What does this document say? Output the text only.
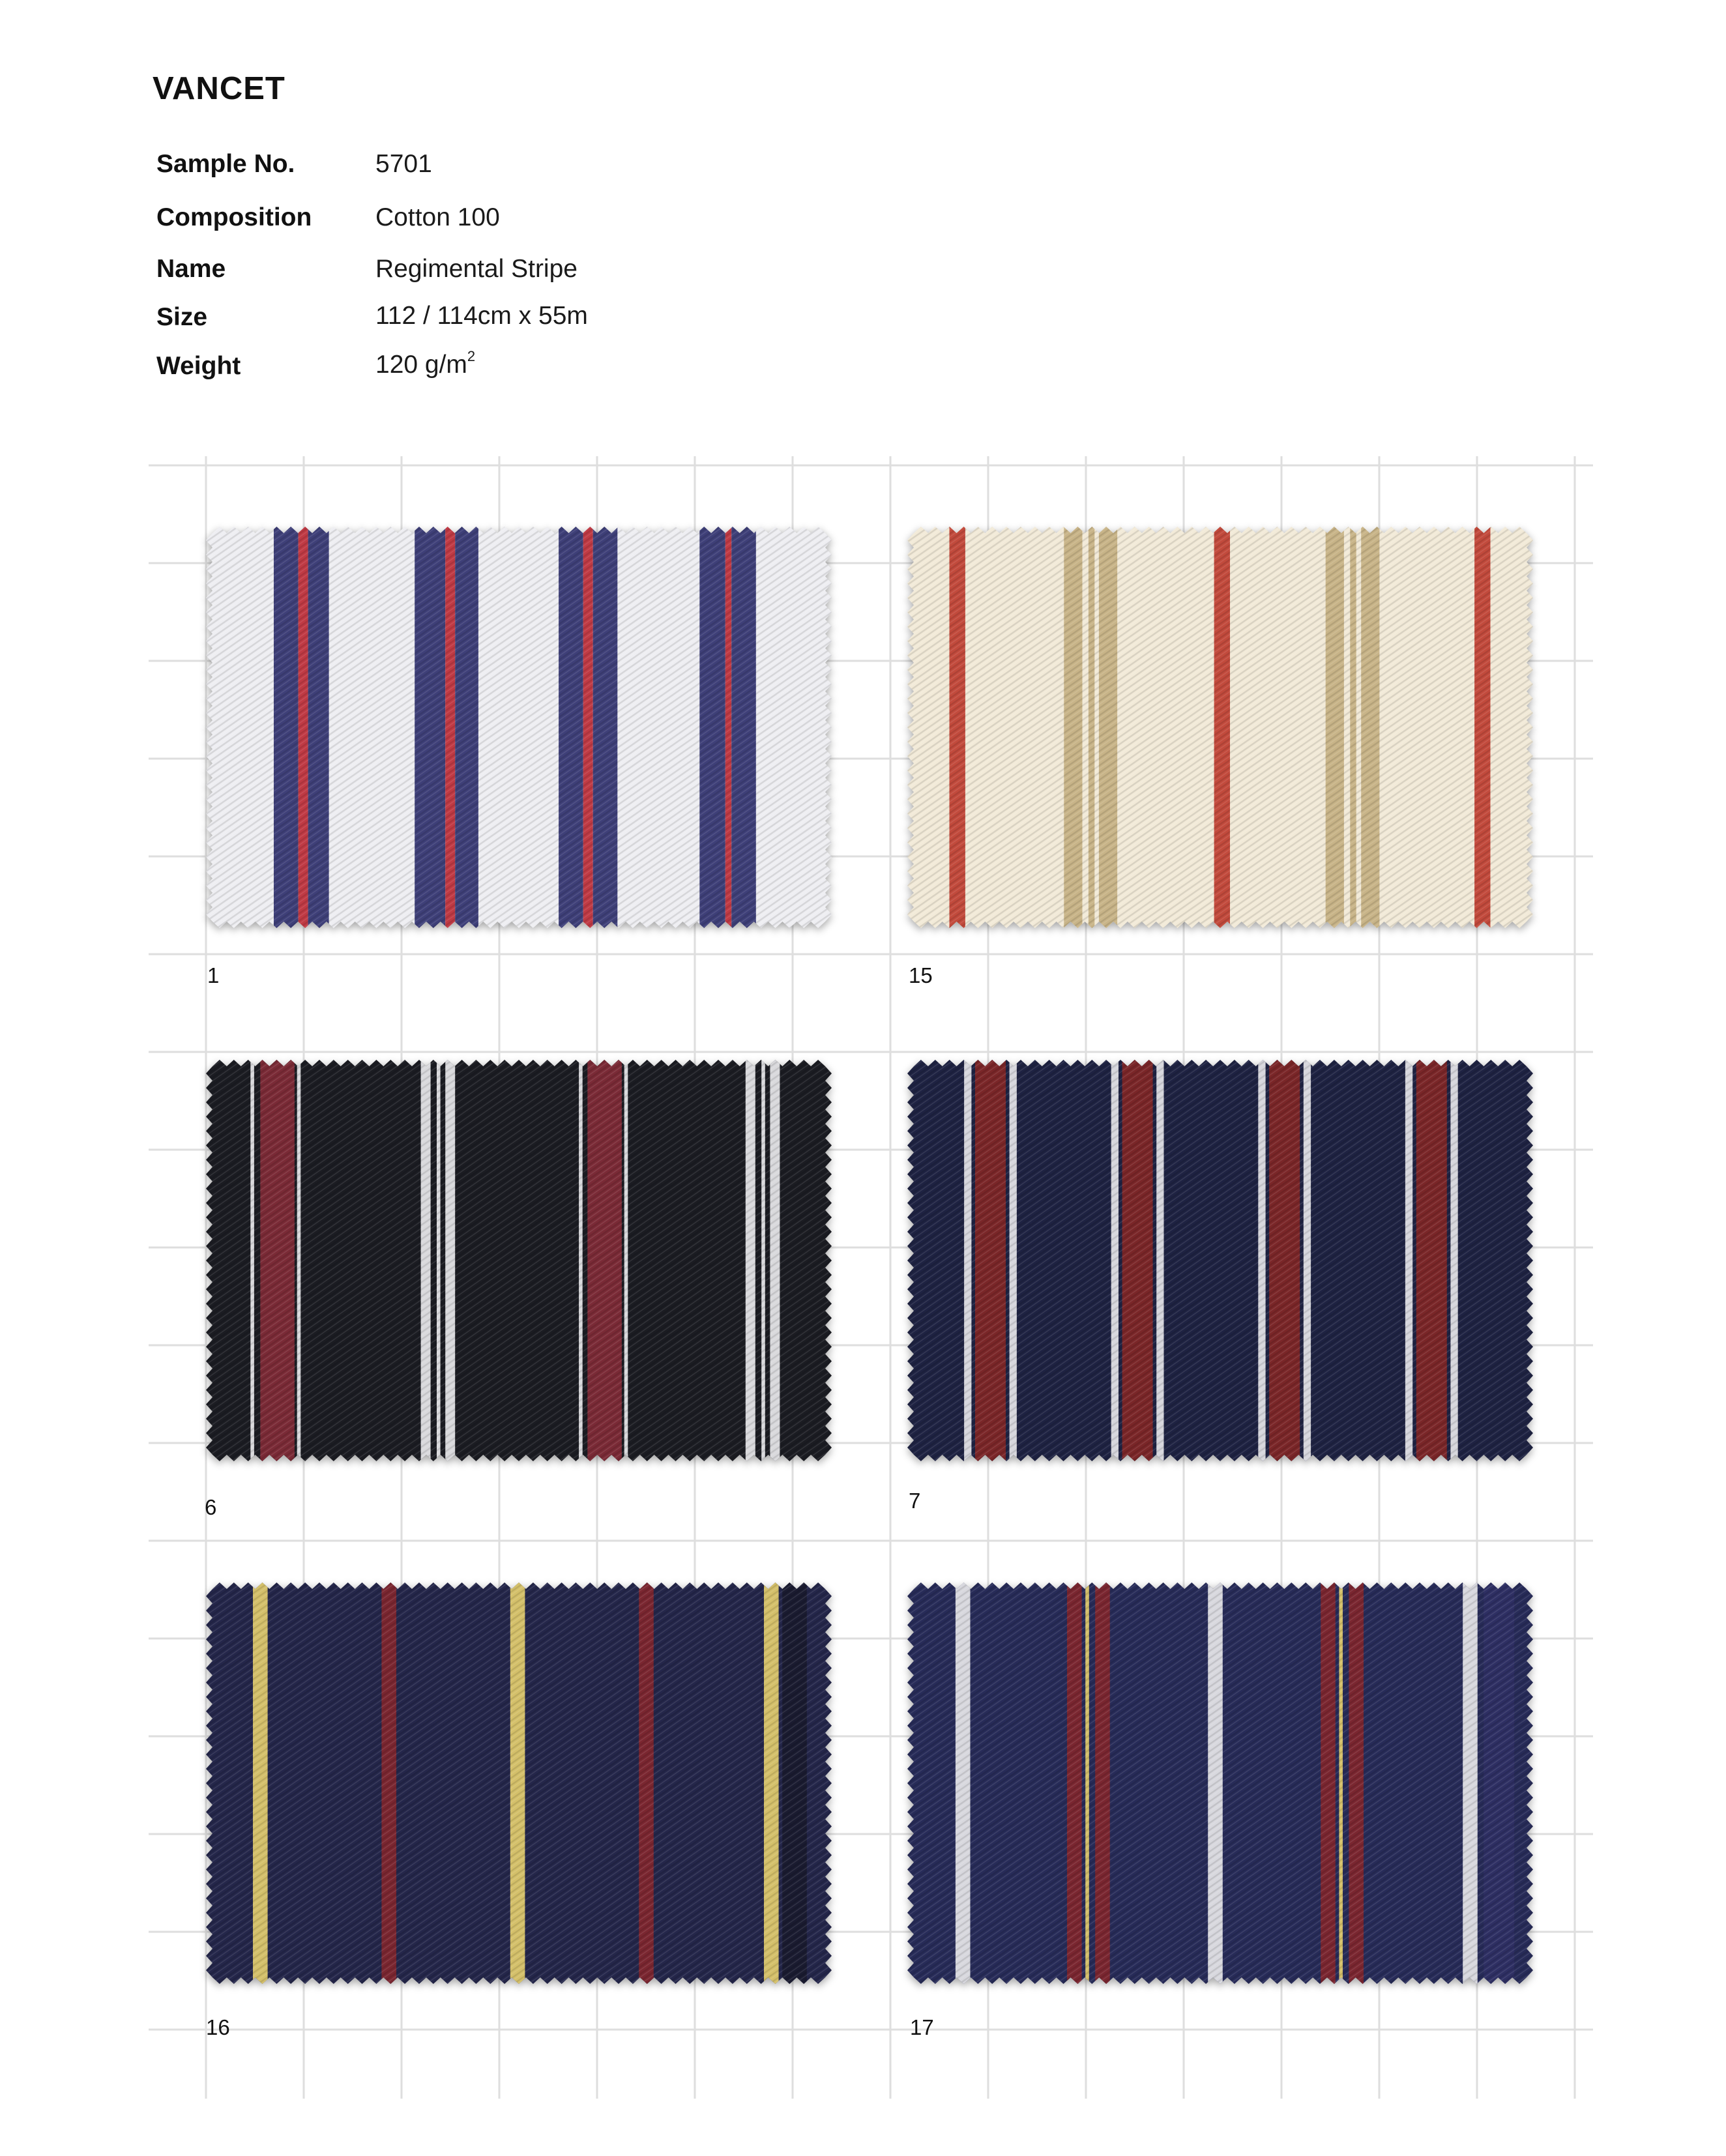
VANCET
Sample No.	5701
Composition	Cotton 100
Name	Regimental Stripe
Size	112 / 114cm x 55m
Weight	120 $g/m^2$
1	15
6	7
16	17
